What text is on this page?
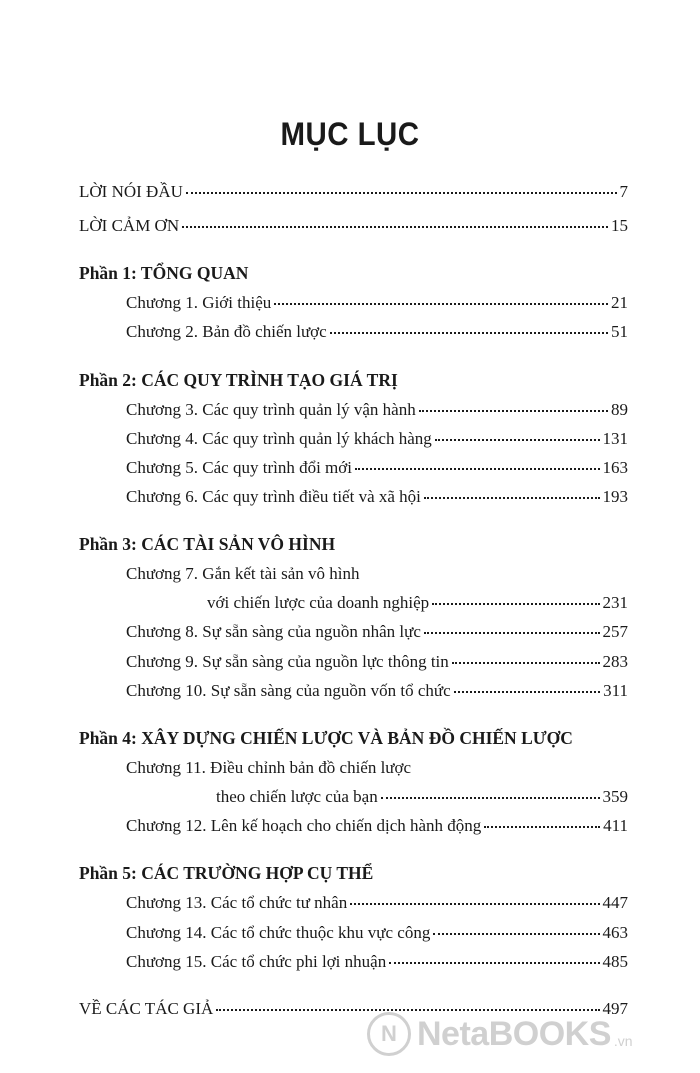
MỤC LỤC
LỜI NÓI ĐẦU	7
LỜI CẢM ƠN	15
Phần 1: TỔNG QUAN
Chương 1. Giới thiệu	21
Chương 2. Bản đồ chiến lược	51
Phần 2: CÁC QUY TRÌNH TẠO GIÁ TRỊ
Chương 3. Các quy trình quản lý vận hành	89
Chương 4. Các quy trình quản lý khách hàng	131
Chương 5. Các quy trình đổi mới	163
Chương 6. Các quy trình điều tiết và xã hội	193
Phần 3: CÁC TÀI SẢN VÔ HÌNH
Chương 7. Gắn kết tài sản vô hình
với chiến lược của doanh nghiệp	231
Chương 8. Sự sẵn sàng của nguồn nhân lực	257
Chương 9. Sự sẵn sàng của nguồn lực thông tin	283
Chương 10. Sự sẵn sàng của nguồn vốn tổ chức	311
Phần 4: XÂY DỰNG CHIẾN LƯỢC VÀ BẢN ĐỒ CHIẾN LƯỢC
Chương 11. Điều chỉnh bản đồ chiến lược
theo chiến lược của bạn	359
Chương 12. Lên kế hoạch cho chiến dịch hành động	411
Phần 5: CÁC TRƯỜNG HỢP CỤ THỂ
Chương 13. Các tổ chức tư nhân	447
Chương 14. Các tổ chức thuộc khu vực công	463
Chương 15. Các tổ chức phi lợi nhuận	485
VỀ CÁC TÁC GIẢ	497
N NetaBOOKS .vn
